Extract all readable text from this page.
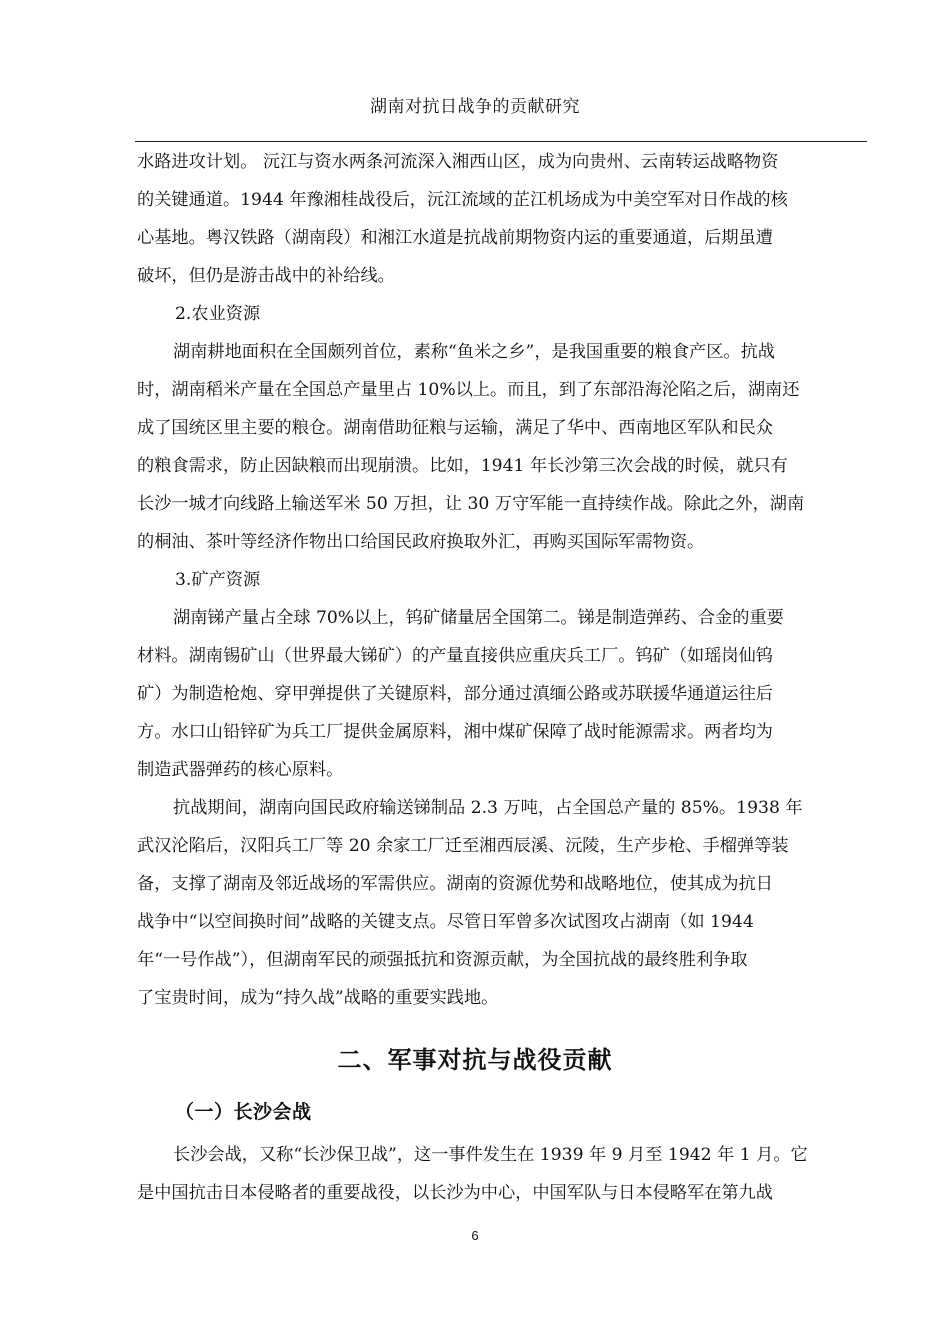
湖南对抗日战争的贡献研究
水路进攻计划。 沅江与资水两条河流深入湘西山区，成为向贵州、云南转运战略物资
的关键通道。1944 年豫湘桂战役后，沅江流域的芷江机场成为中美空军对日作战的核
心基地。粤汉铁路（湖南段）和湘江水道是抗战前期物资内运的重要通道，后期虽遭
破坏，但仍是游击战中的补给线。
2.农业资源
湖南耕地面积在全国颇列首位，素称“鱼米之乡”，是我国重要的粮食产区。抗战
时，湖南稻米产量在全国总产量里占 10%以上。而且，到了东部沿海沦陷之后，湖南还
成了国统区里主要的粮仓。湖南借助征粮与运输，满足了华中、西南地区军队和民众
的粮食需求，防止因缺粮而出现崩溃。比如，1941 年长沙第三次会战的时候，就只有
长沙一城才向线路上输送军米 50 万担，让 30 万守军能一直持续作战。除此之外，湖南
的桐油、茶叶等经济作物出口给国民政府换取外汇，再购买国际军需物资。
3.矿产资源
湖南锑产量占全球 70%以上，钨矿储量居全国第二。锑是制造弹药、合金的重要
材料。湖南锡矿山（世界最大锑矿）的产量直接供应重庆兵工厂。钨矿（如瑶岗仙钨
矿）为制造枪炮、穿甲弹提供了关键原料，部分通过滇缅公路或苏联援华通道运往后
方。水口山铅锌矿为兵工厂提供金属原料，湘中煤矿保障了战时能源需求。两者均为
制造武器弹药的核心原料。
抗战期间，湖南向国民政府输送锑制品 2.3 万吨，占全国总产量的 85%。1938 年
武汉沦陷后，汉阳兵工厂等 20 余家工厂迁至湘西辰溪、沅陵，生产步枪、手榴弹等装
备，支撑了湖南及邻近战场的军需供应。湖南的资源优势和战略地位，使其成为抗日
战争中“以空间换时间”战略的关键支点。尽管日军曾多次试图攻占湖南（如 1944
年“一号作战”），但湖南军民的顽强抵抗和资源贡献，为全国抗战的最终胜利争取
了宝贵时间，成为“持久战”战略的重要实践地。
二、军事对抗与战役贡献
（一）长沙会战
长沙会战，又称“长沙保卫战”，这一事件发生在 1939 年 9 月至 1942 年 1 月。它
是中国抗击日本侵略者的重要战役，以长沙为中心，中国军队与日本侵略军在第九战
6
